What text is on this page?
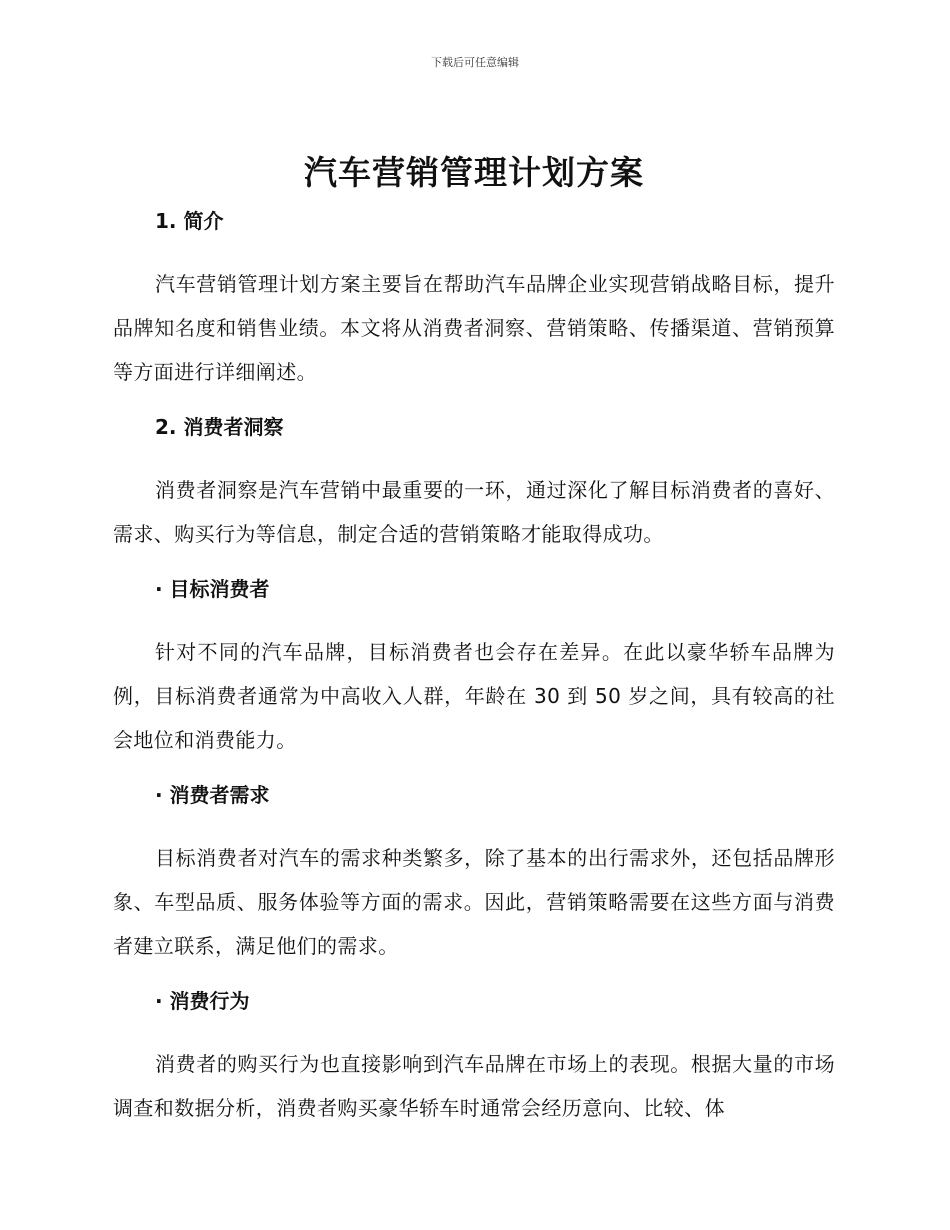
下载后可任意编辑
汽车营销管理计划方案
1. 简介
汽车营销管理计划方案主要旨在帮助汽车品牌企业实现营销战略目标，提升品牌知名度和销售业绩。本文将从消费者洞察、营销策略、传播渠道、营销预算等方面进行详细阐述。
2. 消费者洞察
消费者洞察是汽车营销中最重要的一环，通过深化了解目标消费者的喜好、需求、购买行为等信息，制定合适的营销策略才能取得成功。
· 目标消费者
针对不同的汽车品牌，目标消费者也会存在差异。在此以豪华轿车品牌为例，目标消费者通常为中高收入人群，年龄在 30 到 50 岁之间，具有较高的社会地位和消费能力。
· 消费者需求
目标消费者对汽车的需求种类繁多，除了基本的出行需求外，还包括品牌形象、车型品质、服务体验等方面的需求。因此，营销策略需要在这些方面与消费者建立联系，满足他们的需求。
· 消费行为
消费者的购买行为也直接影响到汽车品牌在市场上的表现。根据大量的市场调查和数据分析，消费者购买豪华轿车时通常会经历意向、比较、体
